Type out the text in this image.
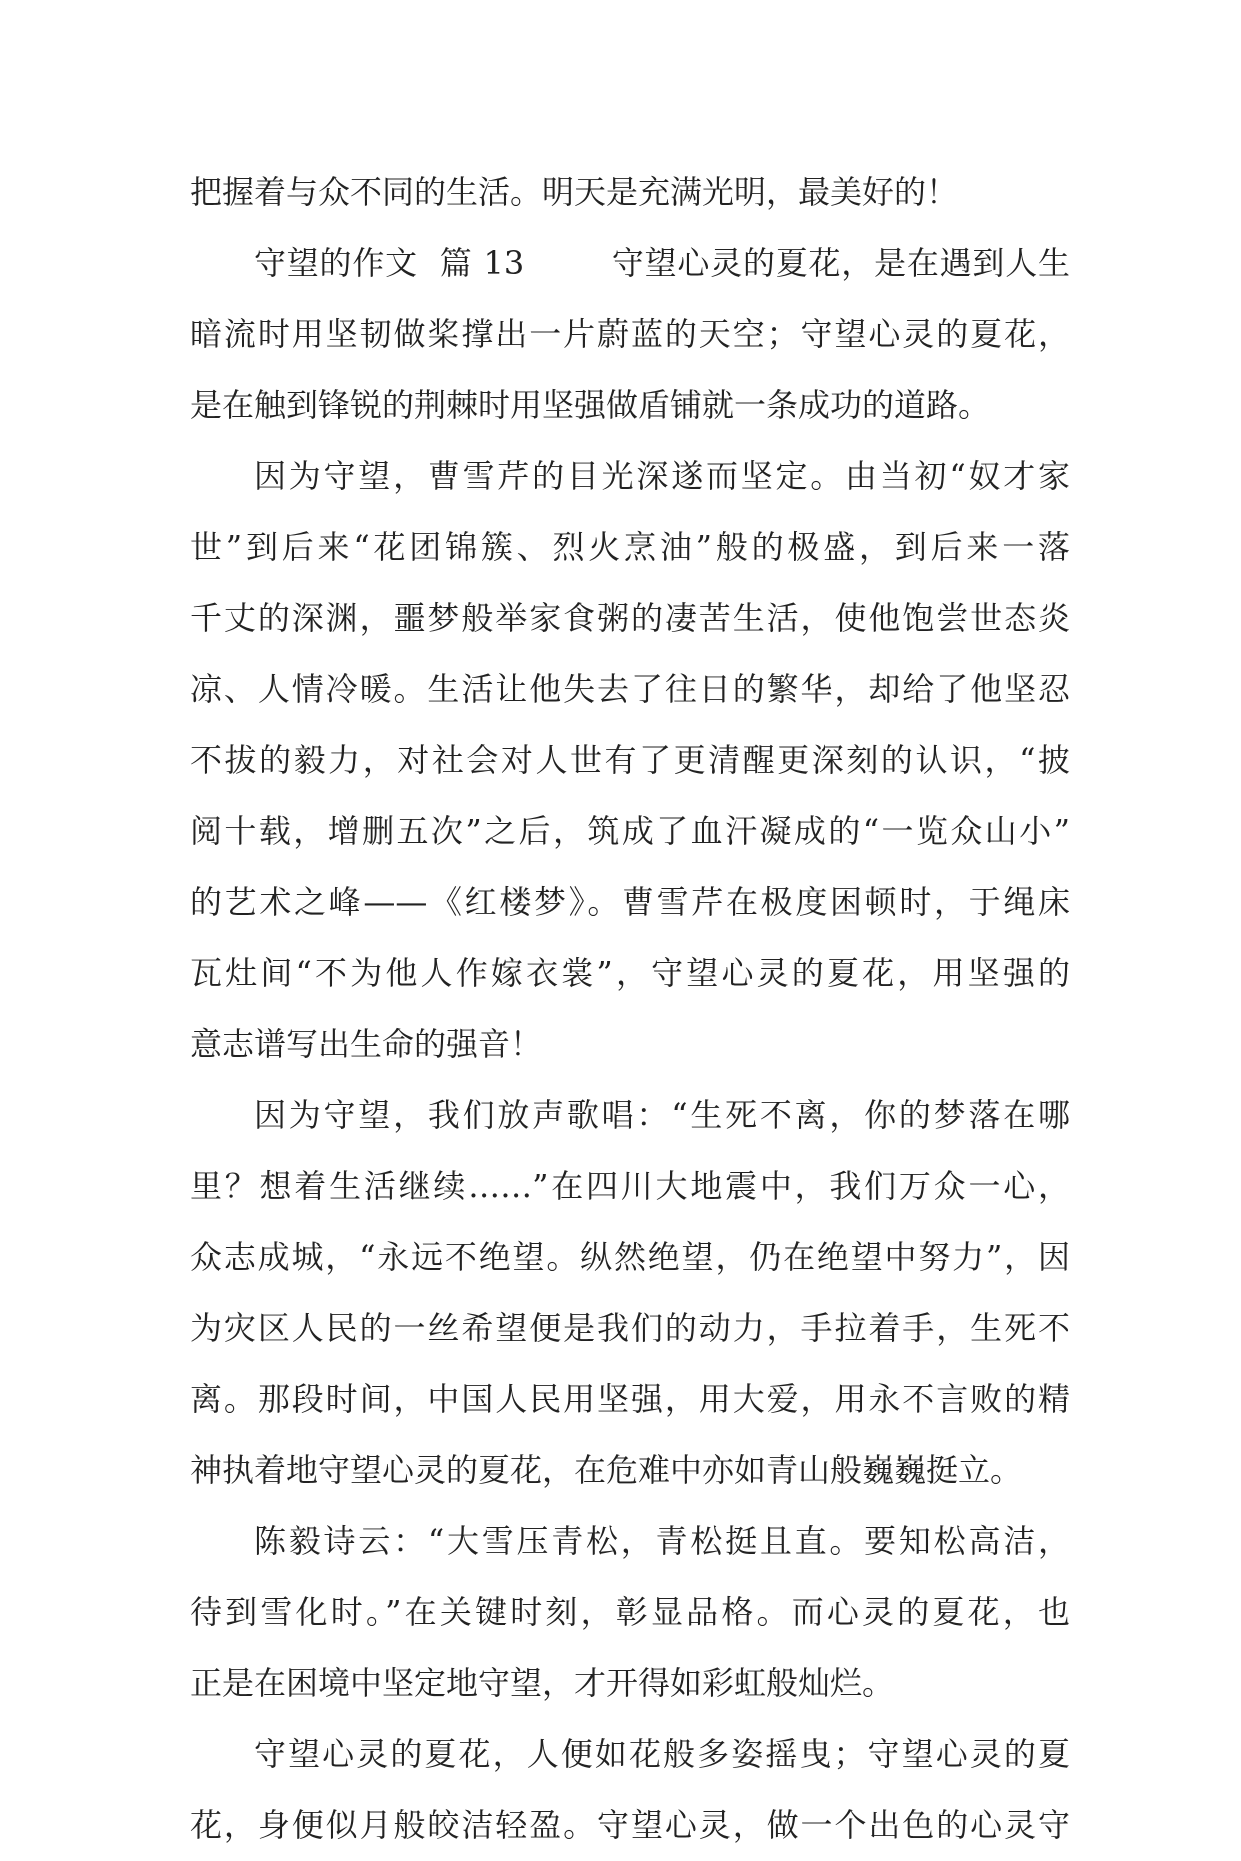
把握着与众不同的生活。明天是充满光明，最美好的！
守望的作文  篇 13        守望心灵的夏花，是在遇到人生
暗流时用坚韧做桨撑出一片蔚蓝的天空；守望心灵的夏花，
是在触到锋锐的荆棘时用坚强做盾铺就一条成功的道路。
因为守望，曹雪芹的目光深遂而坚定。由当初“奴才家
世”到后来“花团锦簇、烈火烹油”般的极盛，到后来一落
千丈的深渊，噩梦般举家食粥的凄苦生活，使他饱尝世态炎
凉、人情冷暖。生活让他失去了往日的繁华，却给了他坚忍
不拔的毅力，对社会对人世有了更清醒更深刻的认识，“披
阅十载，增删五次”之后，筑成了血汗凝成的“一览众山小”
的艺术之峰——《红楼梦》。曹雪芹在极度困顿时，于绳床
瓦灶间“不为他人作嫁衣裳”，守望心灵的夏花，用坚强的
意志谱写出生命的强音！
因为守望，我们放声歌唱：“生死不离，你的梦落在哪
里？想着生活继续……”在四川大地震中，我们万众一心，
众志成城，“永远不绝望。纵然绝望，仍在绝望中努力”，因
为灾区人民的一丝希望便是我们的动力，手拉着手，生死不
离。那段时间，中国人民用坚强，用大爱，用永不言败的精
神执着地守望心灵的夏花，在危难中亦如青山般巍巍挺立。
陈毅诗云：“大雪压青松，青松挺且直。要知松高洁，
待到雪化时。”在关键时刻，彰显品格。而心灵的夏花，也
正是在困境中坚定地守望，才开得如彩虹般灿烂。
守望心灵的夏花，人便如花般多姿摇曳；守望心灵的夏
花，身便似月般皎洁轻盈。守望心灵，做一个出色的心灵守
